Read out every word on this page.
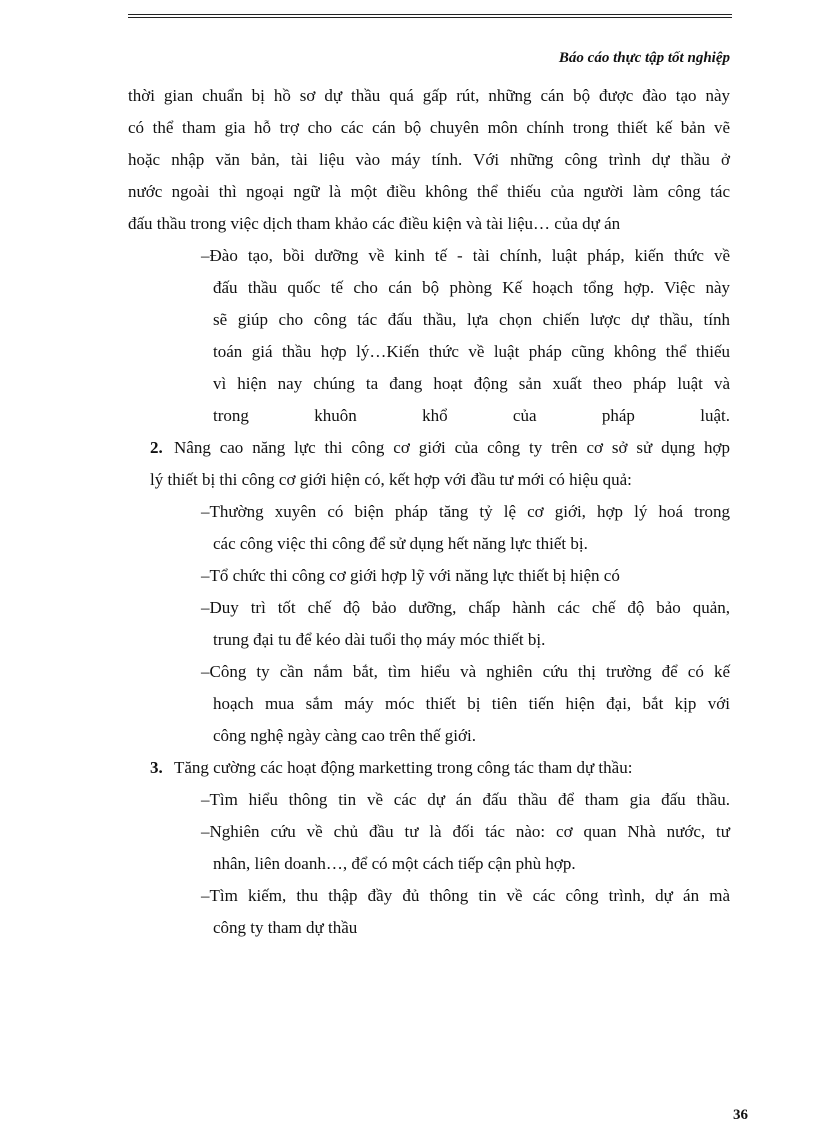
Báo cáo thực tập tốt nghiệp
thời gian chuẩn bị hồ sơ dự thầu quá gấp rút, những cán bộ được đào tạo này
có thể tham gia hỗ trợ cho các cán bộ chuyên môn chính trong thiết kế bản vẽ
hoặc nhập văn bản, tài liệu vào máy tính. Với những công trình dự thầu ở
nước ngoài thì ngoại ngữ là một điều không thể thiếu của người làm công tác
đấu thầu trong việc dịch tham khảo các điều kiện và tài liệu… của dự án
–Đào tạo, bồi dưỡng về kinh tế - tài chính, luật pháp, kiến thức về
đấu thầu quốc tế cho cán bộ phòng Kế hoạch tổng hợp. Việc này
sẽ giúp cho công tác đấu thầu, lựa chọn chiến lược dự thầu, tính
toán giá thầu hợp lý…Kiến thức về luật pháp cũng không thể thiếu
vì hiện nay chúng ta đang hoạt động sản xuất theo pháp luật và
trong	khuôn	khổ	của	pháp	luật.
2. Nâng cao năng lực thi công cơ giới của công ty trên cơ sở sử dụng hợp
lý thiết bị thi công cơ giới hiện có, kết hợp với đầu tư mới có hiệu quả:
–Thường xuyên có biện pháp tăng tỷ lệ cơ giới, hợp lý hoá trong
các công việc thi công để sử dụng hết năng lực thiết bị.
–Tổ chức thi công cơ giới hợp lỹ với năng lực thiết bị hiện có
–Duy trì tốt chế độ bảo dưỡng, chấp hành các chế độ bảo quản,
trung đại tu để kéo dài tuổi thọ máy móc thiết bị.
–Công ty cần nắm bắt, tìm hiểu và nghiên cứu thị trường để có kế
hoạch mua sắm máy móc thiết bị tiên tiến hiện đại, bắt kịp với
công nghệ ngày càng cao trên thế giới.
3. Tăng cường các hoạt động marketting trong công tác tham dự thầu:
–Tìm hiểu thông tin về các dự án đấu thầu để tham gia đấu thầu.
–Nghiên cứu về chủ đầu tư là đối tác nào: cơ quan Nhà nước, tư
nhân, liên doanh…, để có một cách tiếp cận phù hợp.
–Tìm kiếm, thu thập đầy đủ thông tin về các công trình, dự án mà
công ty tham dự thầu
36
